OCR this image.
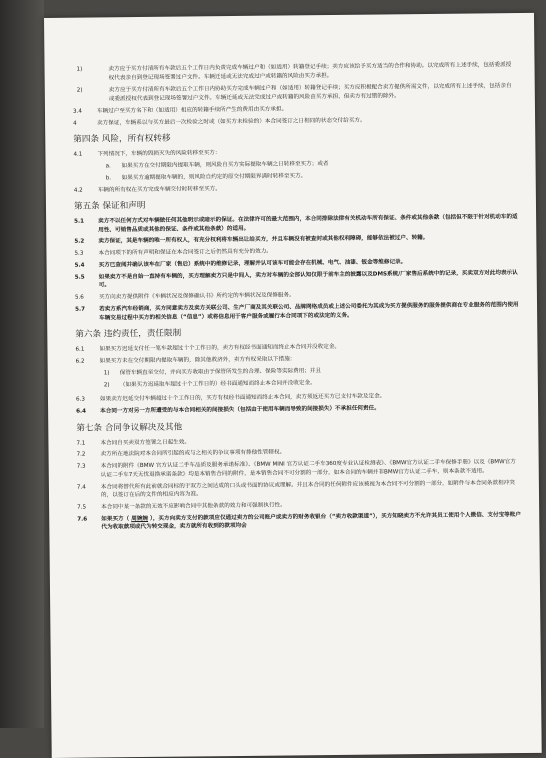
1)	卖方应于买方付清所有车款后五个工作日内负责完成车辆过户和（如适用）转籍登记手续；卖方应该给予买方适当的合作和协助。以完成所有上述手续，包括委派授权代表亲自到登记现场签署过户文件。车辆迁延或无法完成过户或转籍的风险由买方承担。
2)	卖方应于买方付清所有车款后五个工作日内协助买方完成车辆过户和（如适用）转籍登记手续；买方应积极配合卖方提供所需文件，以完成所有上述手续，包括亲自或委派授权代表到登记现场签署过户文件。车辆迁延或无法完成过户或转籍的风险由买方承担，但卖方有过错的除外。
3.4	车辆过户至买方名下和（如适用）相应的转籍手续所产生的费用由买方承担。
4	卖方保证，车辆系以与买方最后一次检验之时或（如买方未检验的）本合同签订之日相同的状态交付给买方。
第四条 风险，所有权转移
4.1	下列情况下，车辆的毁损灭失的风险转移至买方：
a. 如果买方在交付期限内提取车辆，则风险自买方实际提取车辆之日转移至买方；或者
b. 如果买方逾期提取车辆的，则风险自约定的原交付期限界满时转移至买方。
4.2	车辆的所有权在买方完成车辆交付时转移至买方。
第五条 保证和声明
5.1	卖方不以任何方式对车辆做任何其他明示或暗示的保证。在法律许可的最大范围内，本合同排除法律有关机动车所有保证、条件或其他条款（包括但不限于针对机动车的适用性、可销售品质或其他的保证、条件或其他条款）的适用。
5.2	卖方保证，其是车辆的唯一所有权人，有充分权利将车辆出让给买方，并且车辆没有被查封或其他权利障碍，能够依法被过户、转籍。
5.3	本合同项下的所有声明和保证在本合同签订之后仍然具有充分的效力。
5.4	买方已查阅并确认该车在厂家（售后）系统中的维修记录，理解并认可该车可能会存在机械、电气、油漆、钣金等维修记录。
5.5	如果卖方不是自始一直持有车辆的，买方理解卖方只是中间人，卖方对车辆的全部认知仅限于前车主的披露以及DMS系统/厂家售后系统中的记录，买卖双方对此均表示认可。
5.6	买方向卖方提供附件《车辆状况及保修确认书》所约定的车辆状况及保修服务。
5.7	若卖方系汽车经销商，买方同意卖方及卖方关联公司、生产厂商及其关联公司、品牌网络成员或上述公司委托为其成为买方提供服务的服务提供商在专业服务的范围内使用车辆交易过程中买方的相关信息（“信息”）或将信息用于客户服务或履行本合同项下的或法定的义务。
第六条 违约责任，责任限制
6.1	如果买方迟延支付任一笔车款超过十个工作日的，卖方有权经书面通知而终止本合同并没收定金。
6.2	如果买方未在交付期限内提取车辆的，除其他救济外，卖方有权采取以下措施：
1) 保管车辆直至交付，并向买方收取由于保管所发生的合理、保险等实际费用；并且
2) （如果买方迟延取车超过十个工作日的）经书面通知而终止本合同并没收定金。
6.3	如果卖方迟延交付车辆超过十个工作日的，买方有权经书面通知而终止本合同，卖方须返还买方已支付车款及定金。
6.4	本合同一方对另一方所遭受的与本合同相关的间接损失（包括由于使用车辆而导致的间接损失）不承担任何责任。
第七条 合同争议解决及其他
7.1	本合同自买卖双方签署之日起生效。
7.2	卖方所在地法院对本合同所引起的或与之相关的争议事项有排他性管辖权。
7.3	本合同的附件《BMW 官方认证二手车品质及服务承诺标准》、《BMW MINI 官方认证二手车360度专业认证检测表》、《BMW官方认证二手车保修手册》以及《BMW官方认证二手车7天无忧退换承诺条款》均是本销售合同的附件，是本销售合同不可分割的一部分，如本合同的车辆并非BMW官方认证二手车，则本条款不适用。
7.4	本合同将替代所有此前就合同标的于双方之间达成的口头或书面的协议或理解。并且本合同的任何附件应该被视为本合同不可分割的一部分，如附件与本合同条款相冲突的，以签订在后的文件的相应内容为准。
7.5	本合同中某一条款的无效不应影响合同中其他条款的效力和可强制执行性。
7.6	如果买方（ 周婉婉 ），买方向卖方支付的款项应仅通过卖方的公司账户或卖方的财务收银台（“卖方收款渠道”），买方知晓卖方不允许其员工使用个人微信、支付宝等账户代为收取款项或代为转交现金，卖方就所有收到的款项均会
